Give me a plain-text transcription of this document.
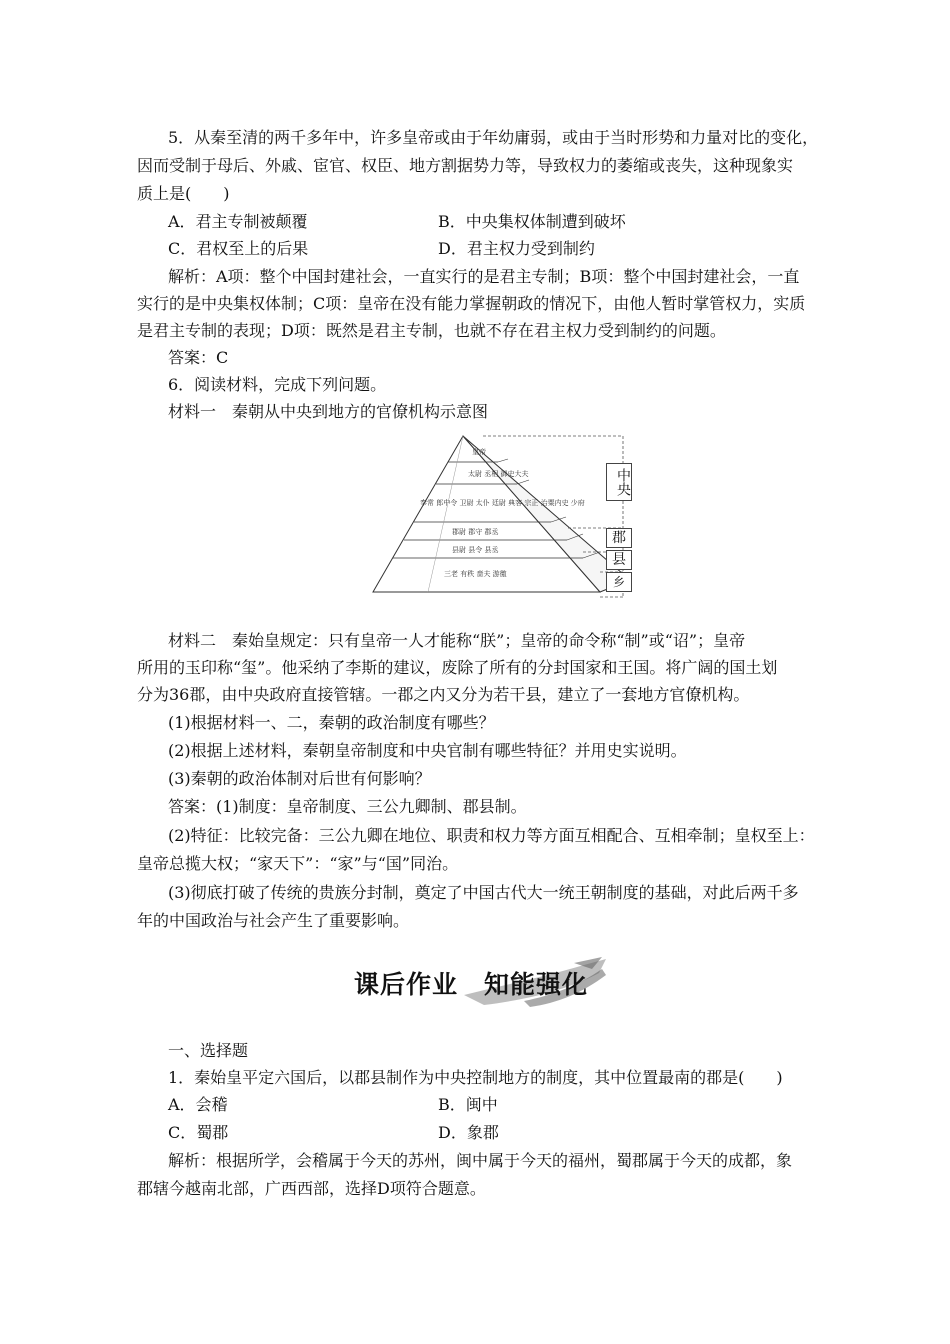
5．从秦至清的两千多年中，许多皇帝或由于年幼庸弱，或由于当时形势和力量对比的变化，
因而受制于母后、外戚、宦官、权臣、地方割据势力等，导致权力的萎缩或丧失，这种现象实
质上是(　　)
A．君主专制被颠覆	B．中央集权体制遭到破坏
C．君权至上的后果	D．君主权力受到制约
解析：A项：整个中国封建社会，一直实行的是君主专制；B项：整个中国封建社会，一直
实行的是中央集权体制；C项：皇帝在没有能力掌握朝政的情况下，由他人暂时掌管权力，实质
是君主专制的表现；D项：既然是君主专制，也就不存在君主权力受到制约的问题。
答案：C
6．阅读材料，完成下列问题。
材料一　秦朝从中央到地方的官僚机构示意图
皇帝
太尉 丞相 御史大夫
奉常 郎中令 卫尉 太仆 廷尉 典客 宗正 治粟内史 少府
郡尉 郡守 郡丞
县尉 县令 县丞
三老 有秩 啬夫 游徼
中央
郡
县
乡
材料二　秦始皇规定：只有皇帝一人才能称“朕”；皇帝的命令称“制”或“诏”；皇帝
所用的玉印称“玺”。他采纳了李斯的建议，废除了所有的分封国家和王国。将广阔的国土划
分为36郡，由中央政府直接管辖。一郡之内又分为若干县，建立了一套地方官僚机构。
(1)根据材料一、二，秦朝的政治制度有哪些？
(2)根据上述材料，秦朝皇帝制度和中央官制有哪些特征？并用史实说明。
(3)秦朝的政治体制对后世有何影响？
答案：(1)制度：皇帝制度、三公九卿制、郡县制。
(2)特征：比较完备：三公九卿在地位、职责和权力等方面互相配合、互相牵制；皇权至上：
皇帝总揽大权；“家天下”：“家”与“国”同治。
(3)彻底打破了传统的贵族分封制，奠定了中国古代大一统王朝制度的基础，对此后两千多
年的中国政治与社会产生了重要影响。
课后作业　知能强化
一、选择题
1．秦始皇平定六国后，以郡县制作为中央控制地方的制度，其中位置最南的郡是(　　)
A．会稽	B．闽中
C．蜀郡	D．象郡
解析：根据所学，会稽属于今天的苏州，闽中属于今天的福州，蜀郡属于今天的成都，象
郡辖今越南北部，广西西部，选择D项符合题意。
